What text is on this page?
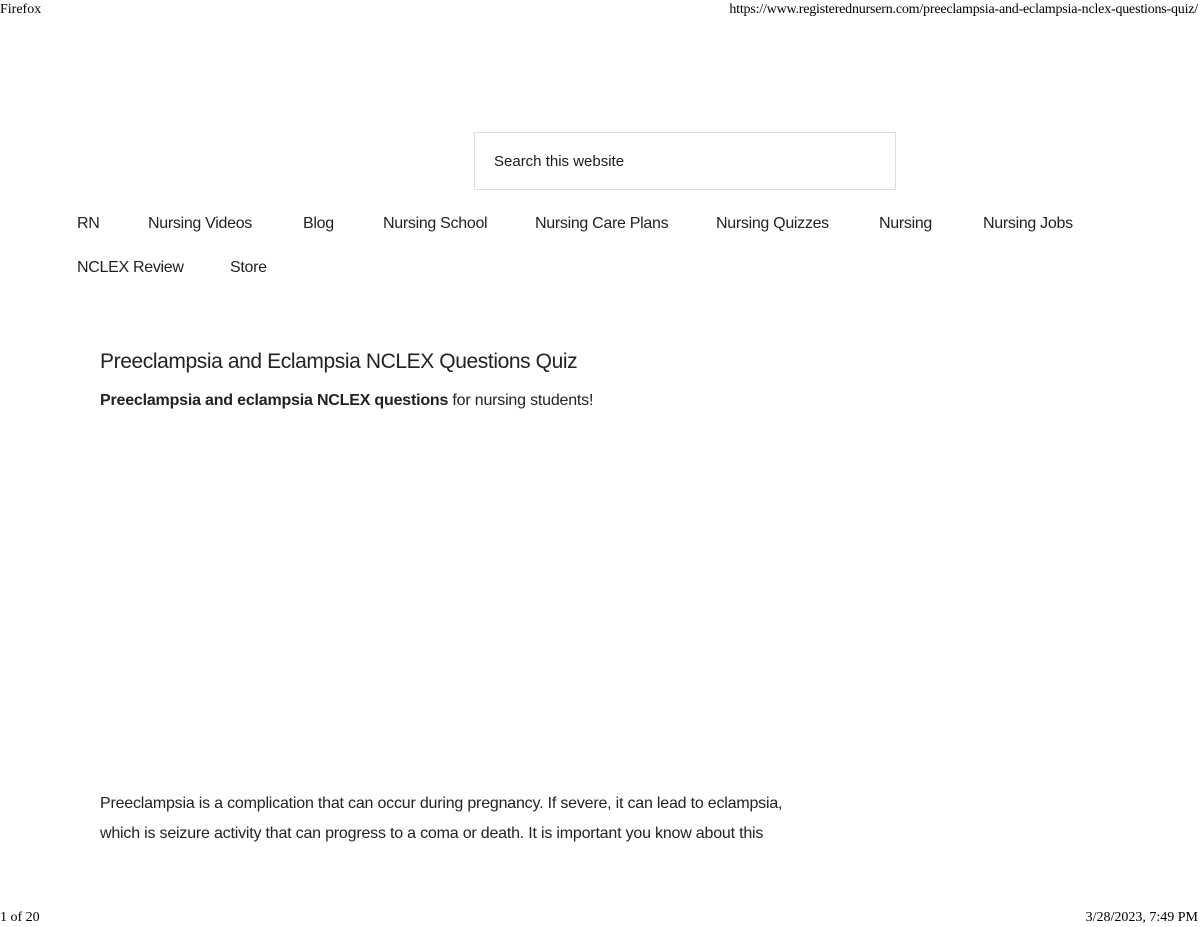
Firefox	https://www.registerednursern.com/preeclampsia-and-eclampsia-nclex-questions-quiz/
Search this website
RN	Nursing Videos	Blog	Nursing School	Nursing Care Plans	Nursing Quizzes	Nursing	Nursing Jobs
NCLEX Review	Store
Preeclampsia and Eclampsia NCLEX Questions Quiz

Preeclampsia and eclampsia NCLEX questions for nursing students!

Preeclampsia is a complication that can occur during pregnancy. If severe, it can lead to eclampsia,
which is seizure activity that can progress to a coma or death. It is important you know about this

1 of 20	3/28/2023, 7:49 PM
